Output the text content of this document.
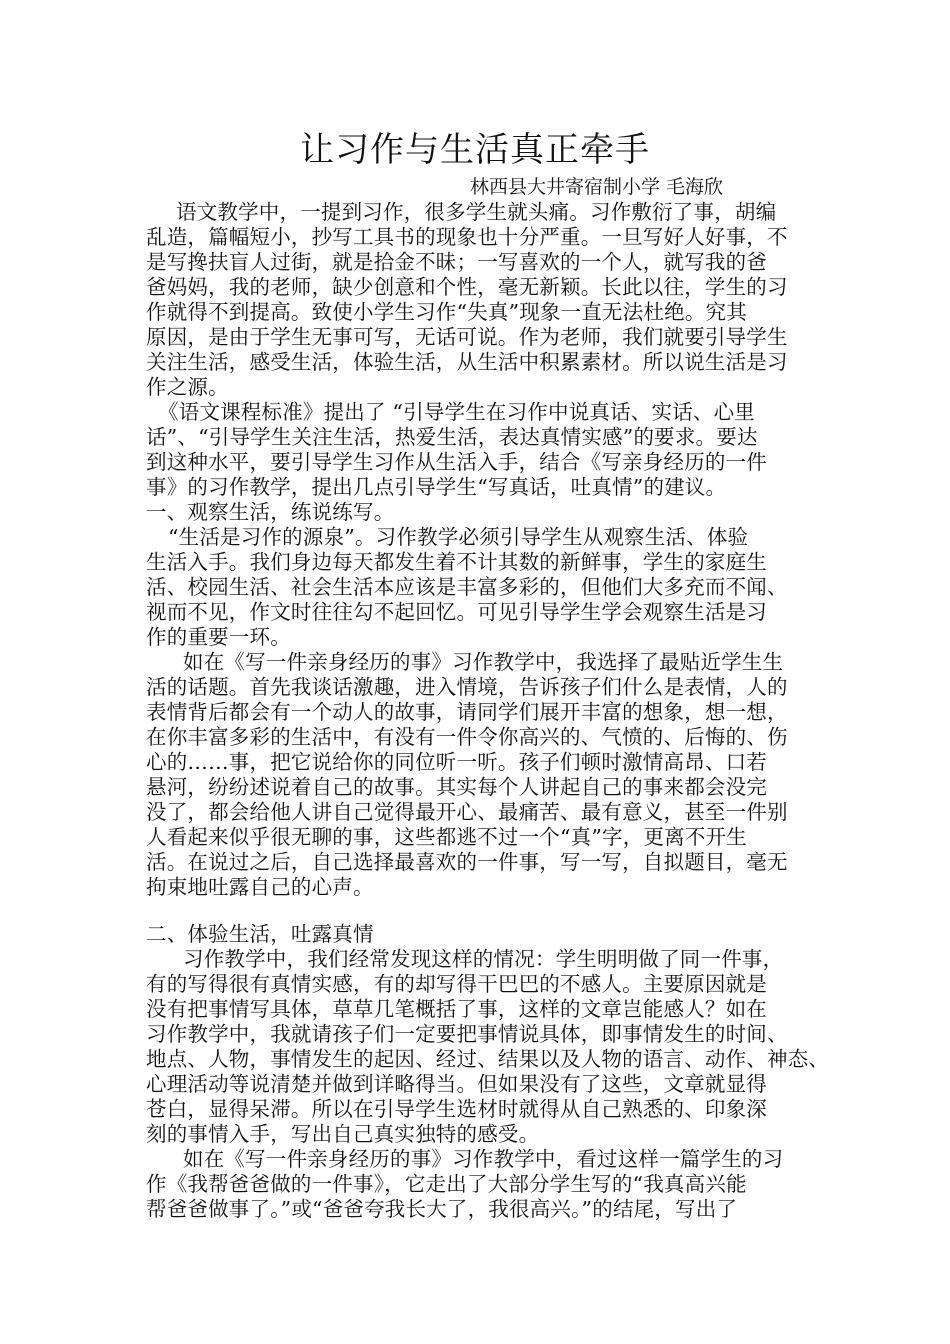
让习作与生活真正牵手
林西县大井寄宿制小学 毛海欣
语文教学中，一提到习作，很多学生就头痛。习作敷衍了事，胡编
乱造，篇幅短小，抄写工具书的现象也十分严重。一旦写好人好事，不
是写搀扶盲人过街，就是拾金不昧；一写喜欢的一个人，就写我的爸
爸妈妈，我的老师，缺少创意和个性，毫无新颖。长此以往，学生的习
作就得不到提高。致使小学生习作“失真”现象一直无法杜绝。究其
原因，是由于学生无事可写，无话可说。作为老师，我们就要引导学生
关注生活，感受生活，体验生活，从生活中积累素材。所以说生活是习
作之源。
《语文课程标准》提出了 “引导学生在习作中说真话、实话、心里
话”、“引导学生关注生活，热爱生活，表达真情实感”的要求。要达
到这种水平，要引导学生习作从生活入手，结合《写亲身经历的一件
事》的习作教学，提出几点引导学生“写真话，吐真情”的建议。
一、观察生活，练说练写。
“生活是习作的源泉”。习作教学必须引导学生从观察生活、体验
生活入手。我们身边每天都发生着不计其数的新鲜事，学生的家庭生
活、校园生活、社会生活本应该是丰富多彩的，但他们大多充而不闻、
视而不见，作文时往往勾不起回忆。可见引导学生学会观察生活是习
作的重要一环。
如在《写一件亲身经历的事》习作教学中，我选择了最贴近学生生
活的话题。首先我谈话激趣，进入情境，告诉孩子们什么是表情，人的
表情背后都会有一个动人的故事，请同学们展开丰富的想象，想一想，
在你丰富多彩的生活中，有没有一件令你高兴的、气愤的、后悔的、伤
心的……事，把它说给你的同位听一听。孩子们顿时激情高昂、口若
悬河，纷纷述说着自己的故事。其实每个人讲起自己的事来都会没完
没了，都会给他人讲自己觉得最开心、最痛苦、最有意义，甚至一件别
人看起来似乎很无聊的事，这些都逃不过一个“真”字，更离不开生
活。在说过之后，自己选择最喜欢的一件事，写一写，自拟题目，毫无
拘束地吐露自己的心声。
二、体验生活，吐露真情
习作教学中，我们经常发现这样的情况：学生明明做了同一件事，
有的写得很有真情实感，有的却写得干巴巴的不感人。主要原因就是
没有把事情写具体，草草几笔概括了事，这样的文章岂能感人？如在
习作教学中，我就请孩子们一定要把事情说具体，即事情发生的时间、
地点、人物，事情发生的起因、经过、结果以及人物的语言、动作、神态、
心理活动等说清楚并做到详略得当。但如果没有了这些，文章就显得
苍白，显得呆滞。所以在引导学生选材时就得从自己熟悉的、印象深
刻的事情入手，写出自己真实独特的感受。
如在《写一件亲身经历的事》习作教学中，看过这样一篇学生的习
作《我帮爸爸做的一件事》，它走出了大部分学生写的“我真高兴能
帮爸爸做事了。”或“爸爸夸我长大了，我很高兴。”的结尾，写出了
